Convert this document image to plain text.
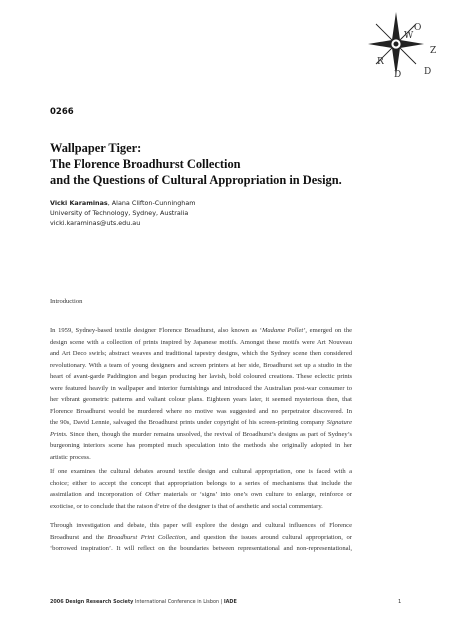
W
O
R
Z
D	D
0266
Wallpaper Tiger:
The Florence Broadhurst Collection
and the Questions of Cultural Appropriation in Design.
Vicki Karaminas, Alana Clifton-Cunningham
University of Technology, Sydney, Australia
vicki.karaminas@uts.edu.au
Introduction
In 1959, Sydney-based textile designer Florence Broadhurst, also known as ‘Madame Pollet’, emerged on the
design scene with a collection of prints inspired by Japanese motifs. Amongst these motifs were Art Nouveau
and Art Deco swirls; abstract weaves and traditional tapestry designs, which the Sydney scene then considered
revolutionary. With a team of young designers and screen printers at her side, Broadhurst set up a studio in the
heart of avant-garde Paddington and began producing her lavish, bold coloured creations. These eclectic prints
were featured heavily in wallpaper and interior furnishings and introduced the Australian post-war consumer to
her vibrant geometric patterns and valiant colour plans. Eighteen years later, it seemed mysterious then, that
Florence Broadhurst would be murdered where no motive was suggested and no perpetrator discovered. In
the 90s, David Lennie, salvaged the Broadhurst prints under copyright of his screen-printing company Signature
Prints. Since then, though the murder remains unsolved, the revival of Broadhurst’s designs as part of Sydney’s
burgeoning interiors scene has prompted much speculation into the methods she originally adopted in her
artistic process.
If one examines the cultural debates around textile design and cultural appropriation, one is faced with a
choice; either to accept the concept that appropriation belongs to a series of mechanisms that include the
assimilation and incorporation of Other materials or ‘signs’ into one’s own culture to enlarge, reinforce or
exoticise, or to conclude that the raison d’etre of the designer is that of aesthetic and social commentary.
Through investigation and debate, this paper will explore the design and cultural influences of Florence
Broadhurst and the Broadhurst Print Collection, and question the issues around cultural appropriation, or
‘borrowed inspiration’. It will reflect on the boundaries between representational and non-representational,
2006 Design Research Society International Conference in Lisbon | IADE	1
